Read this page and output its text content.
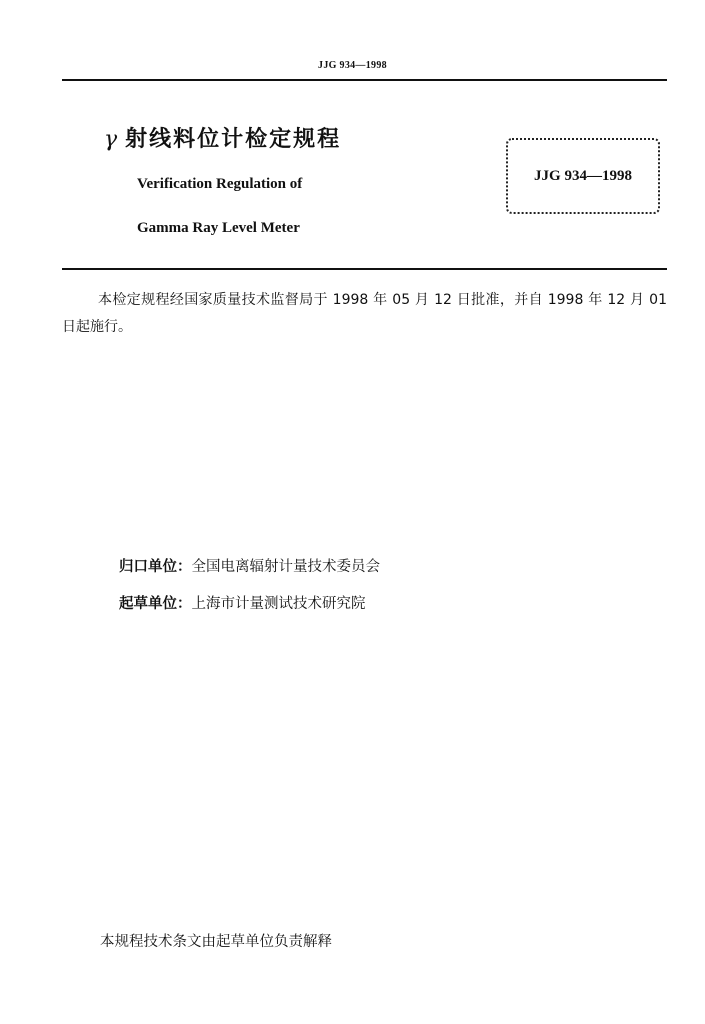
JJG 934—1998
γ 射线料位计检定规程
Verification Regulation of
Gamma Ray Level Meter
JJG 934—1998
本检定规程经国家质量技术监督局于 1998 年 05 月 12 日批准，并自 1998 年 12 月 01 日起施行。
归口单位：全国电离辐射计量技术委员会
起草单位：上海市计量测试技术研究院
本规程技术条文由起草单位负责解释
